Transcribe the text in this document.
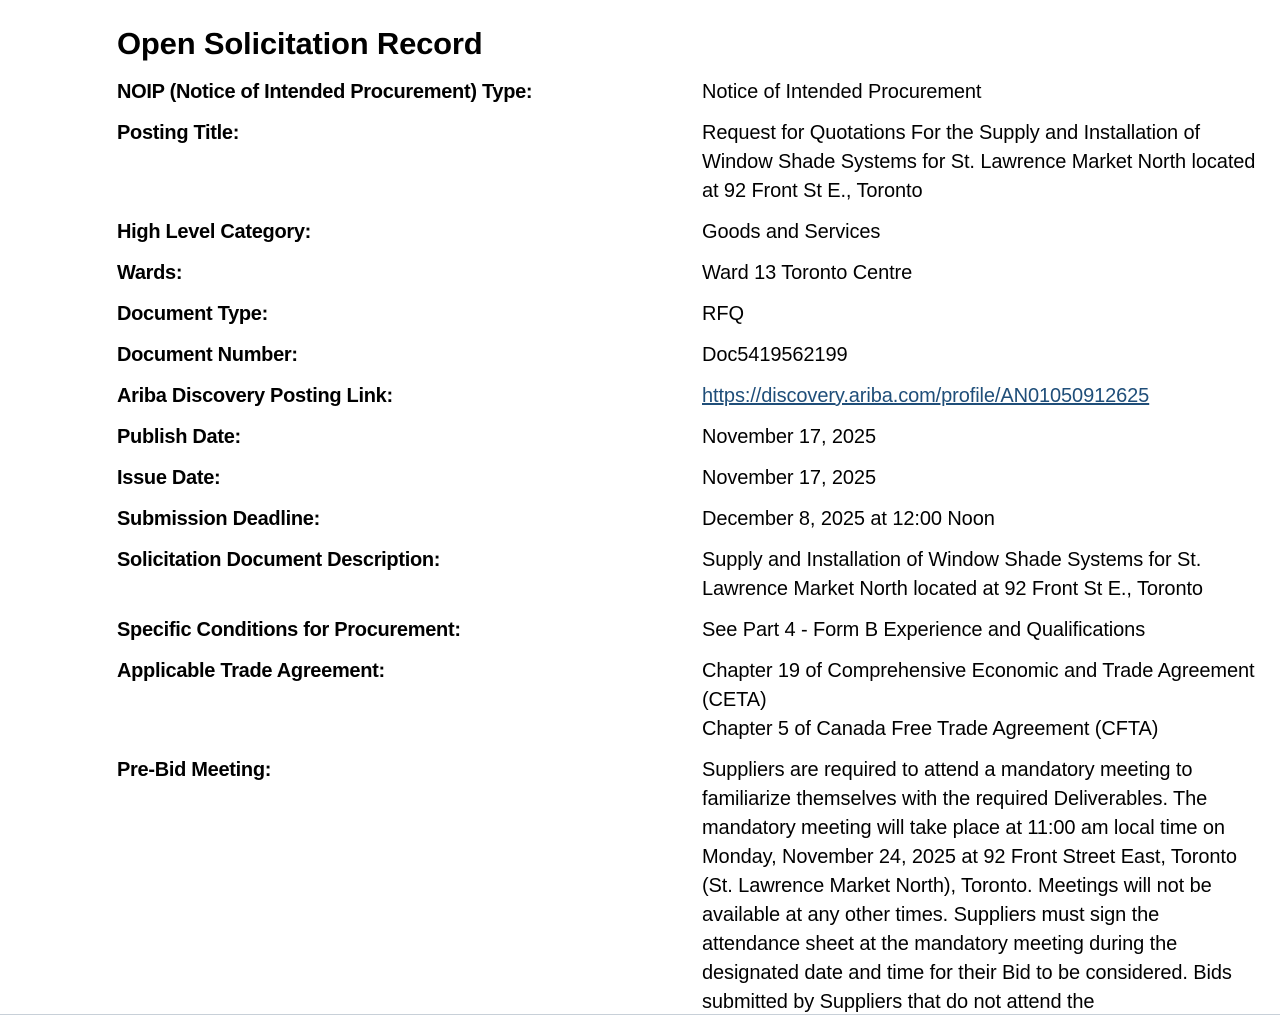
Open Solicitation Record
NOIP (Notice of Intended Procurement) Type:	Notice of Intended Procurement
Posting Title:	Request for Quotations For the Supply and Installation of Window Shade Systems for St. Lawrence Market North located at 92 Front St E., Toronto
High Level Category:	Goods and Services
Wards:	Ward 13 Toronto Centre
Document Type:	RFQ
Document Number:	Doc5419562199
Ariba Discovery Posting Link:	https://discovery.ariba.com/profile/AN01050912625
Publish Date:	November 17, 2025
Issue Date:	November 17, 2025
Submission Deadline:	December 8, 2025 at 12:00 Noon
Solicitation Document Description:	Supply and Installation of Window Shade Systems for St. Lawrence Market North located at 92 Front St E., Toronto
Specific Conditions for Procurement:	See Part 4 - Form B Experience and Qualifications
Applicable Trade Agreement:	Chapter 19 of Comprehensive Economic and Trade Agreement (CETA)
Chapter 5 of Canada Free Trade Agreement (CFTA)
Pre-Bid Meeting:	Suppliers are required to attend a mandatory meeting to familiarize themselves with the required Deliverables. The mandatory meeting will take place at 11:00 am local time on Monday, November 24, 2025 at 92 Front Street East, Toronto (St. Lawrence Market North), Toronto. Meetings will not be available at any other times. Suppliers must sign the attendance sheet at the mandatory meeting during the designated date and time for their Bid to be considered. Bids submitted by Suppliers that do not attend the
